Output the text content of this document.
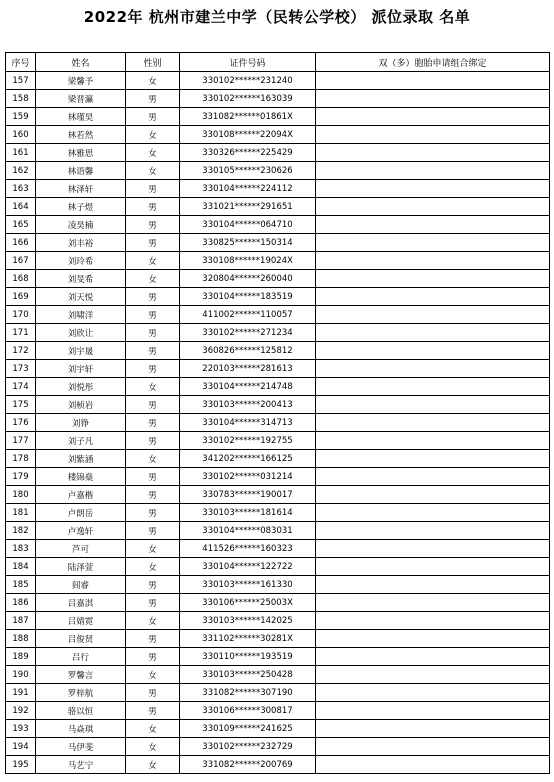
2022年 杭州市建兰中学（民转公学校） 派位录取 名单
序号	姓名	性别	证件号码	双（多）胞胎申请组合绑定
157	梁馨予	女	330102******231240	
158	梁晋瀛	男	330102******163039	
159	林瑾昊	男	331082******01861X	
160	林若然	女	330108******22094X	
161	林雅思	女	330326******225429	
162	林语馨	女	330105******230626	
163	林泽轩	男	330104******224112	
164	林子煜	男	331021******291651	
165	凌昊楠	男	330104******064710	
166	刘丰裕	男	330825******150314	
167	刘玲希	女	330108******19024X	
168	刘旻希	女	320804******260040	
169	刘天悦	男	330104******183519	
170	刘啸洋	男	411002******110057	
171	刘欣让	男	330102******271234	
172	刘宇晟	男	360826******125812	
173	刘宇轩	男	220103******281613	
174	刘悦彤	女	330104******214748	
175	刘桢岩	男	330103******200413	
176	刘铮	男	330104******314713	
177	刘子凡	男	330102******192755	
178	刘紫涵	女	341202******166125	
179	楼锦燊	男	330102******031214	
180	卢嘉楷	男	330783******190017	
181	卢朗岳	男	330103******181614	
182	卢逸轩	男	330104******083031	
183	芦可	女	411526******160323	
184	陆泽萱	女	330104******122722	
185	闾睿	男	330103******161330	
186	吕嘉淇	男	330106******25003X	
187	吕婧霓	女	330103******142025	
188	吕俊贤	男	331102******30281X	
189	吕行	男	330110******193519	
190	罗馨言	女	330103******250428	
191	罗梓航	男	331082******307190	
192	骆以恒	男	330106******300817	
193	马焱琪	女	330109******241625	
194	马伊斐	女	330102******232729	
195	马艺宁	女	331082******200769	
